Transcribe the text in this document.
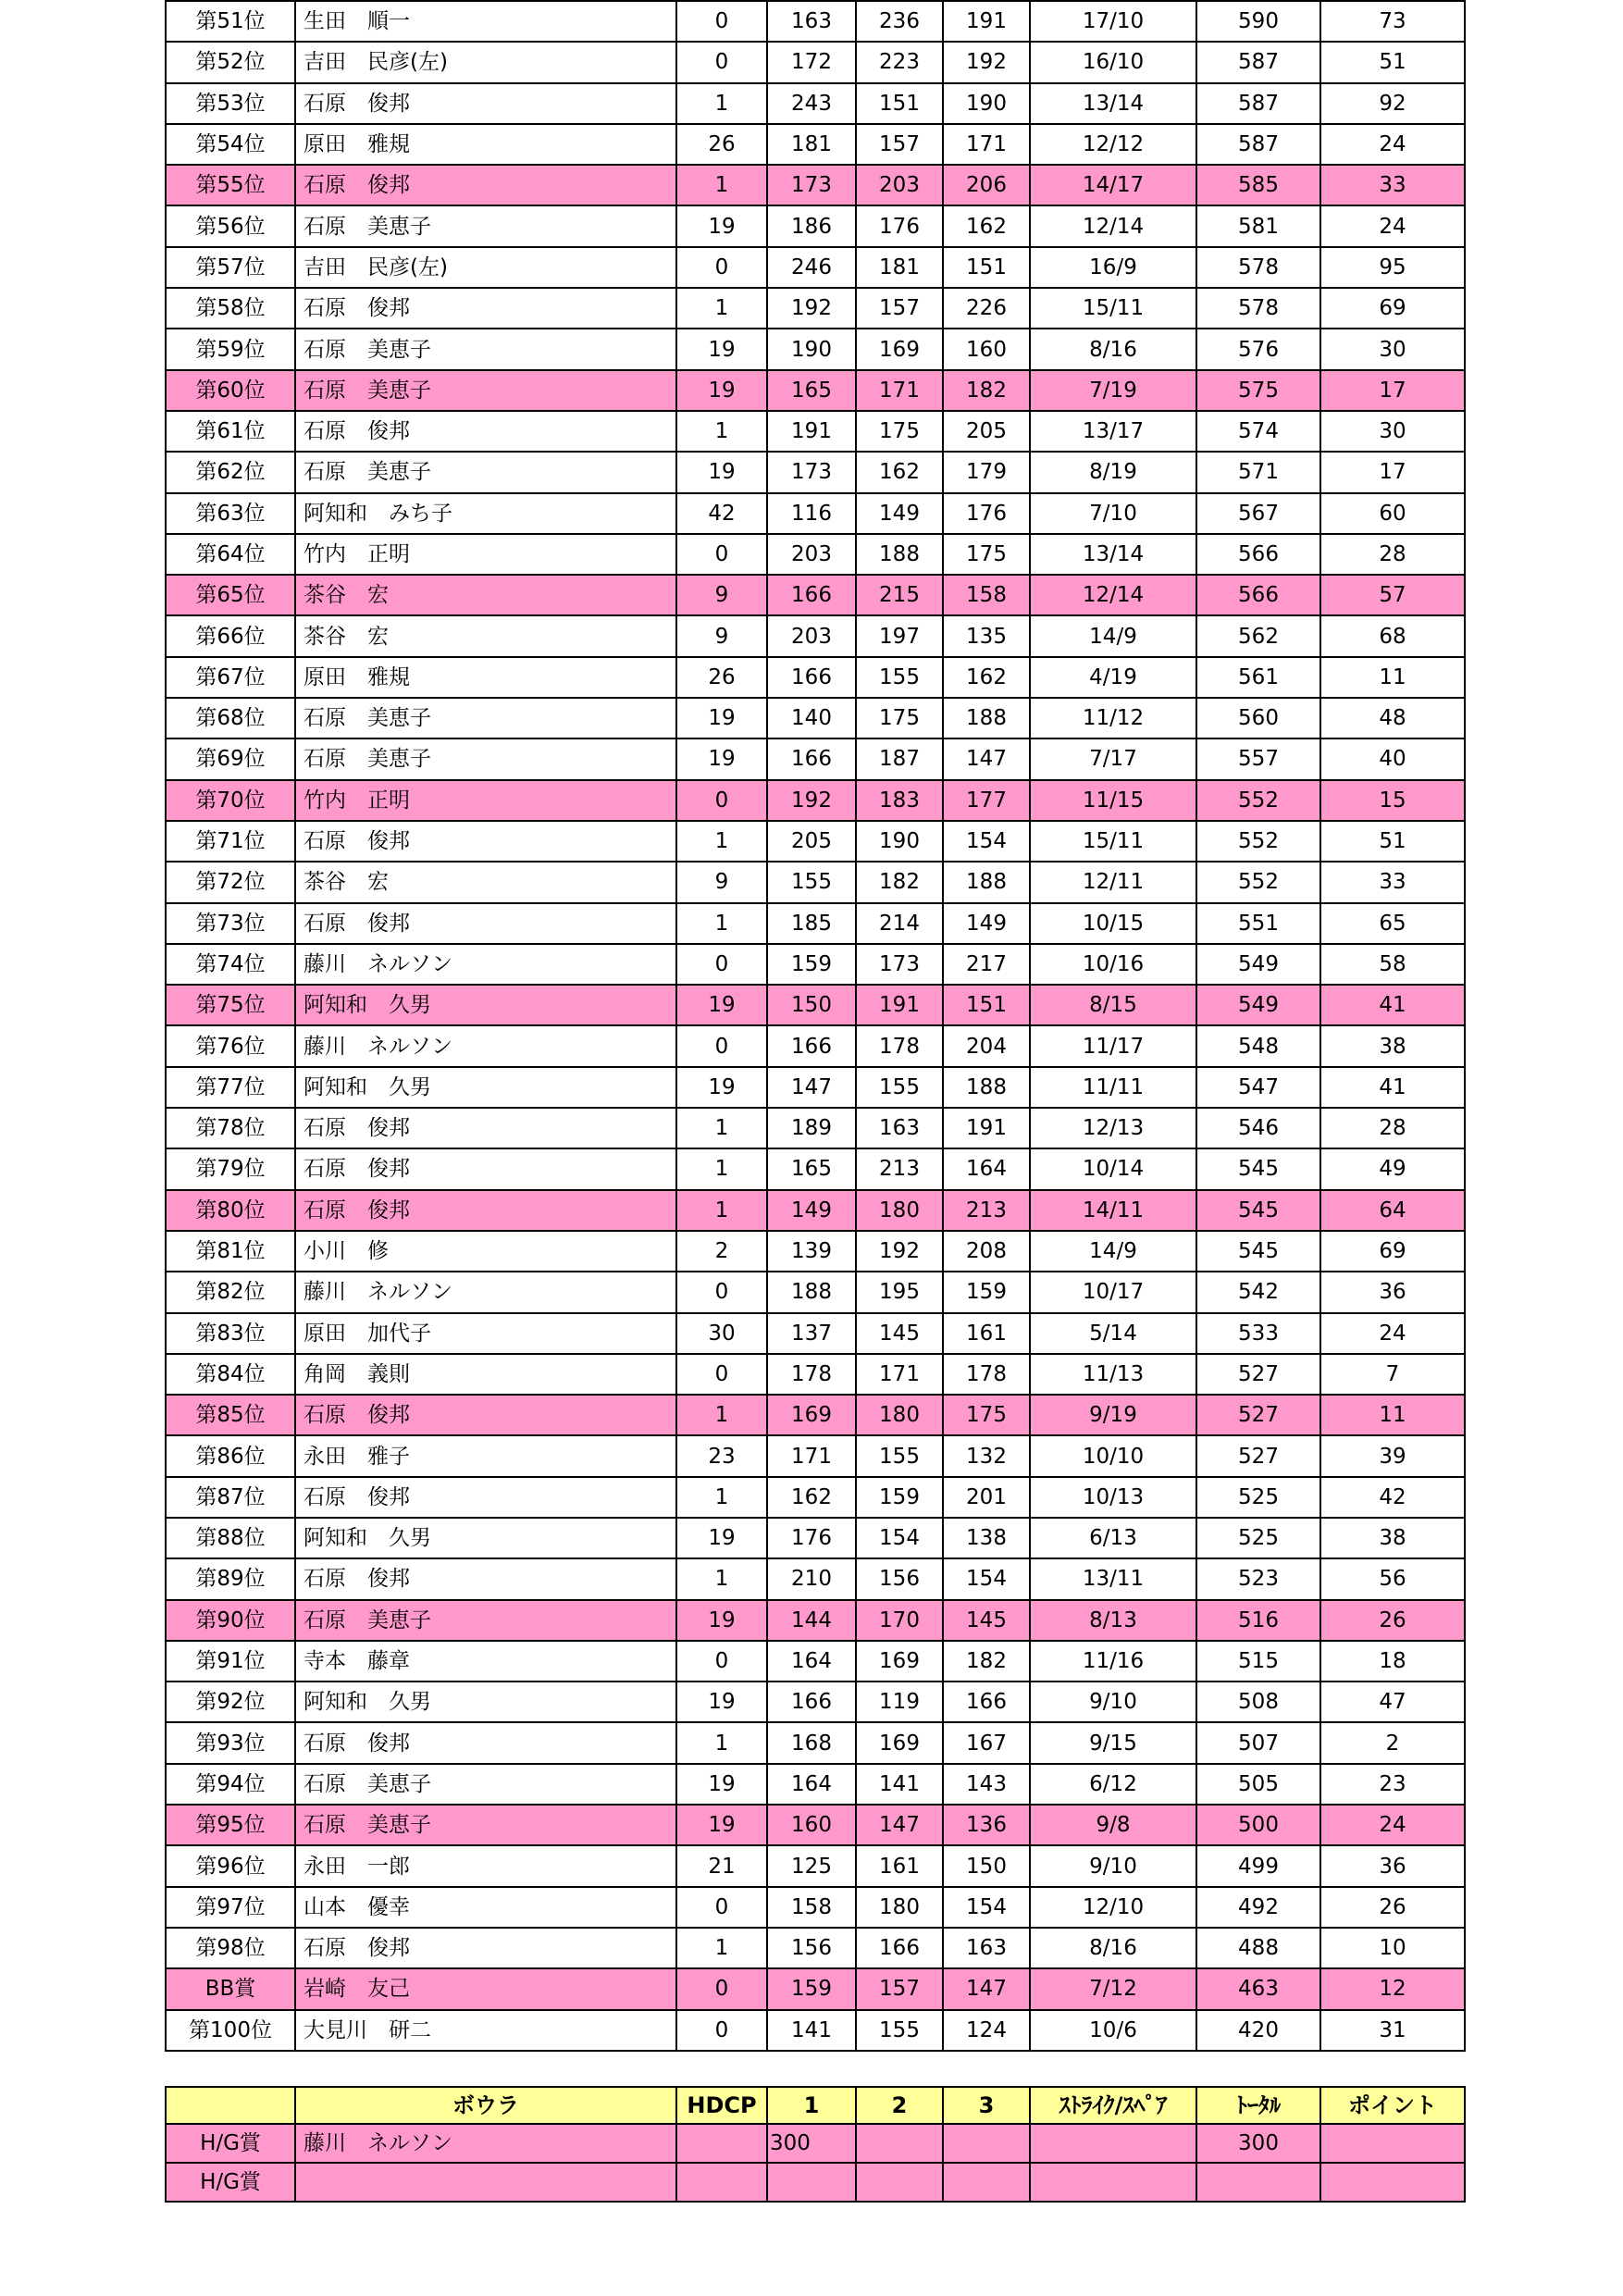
第51位	生田　順一	0	163	236	191	17/10	590	73
第52位	吉田　民彦(左)	0	172	223	192	16/10	587	51
第53位	石原　俊邦	1	243	151	190	13/14	587	92
第54位	原田　雅規	26	181	157	171	12/12	587	24
第55位	石原　俊邦	1	173	203	206	14/17	585	33
第56位	石原　美恵子	19	186	176	162	12/14	581	24
第57位	吉田　民彦(左)	0	246	181	151	16/9	578	95
第58位	石原　俊邦	1	192	157	226	15/11	578	69
第59位	石原　美恵子	19	190	169	160	8/16	576	30
第60位	石原　美恵子	19	165	171	182	7/19	575	17
第61位	石原　俊邦	1	191	175	205	13/17	574	30
第62位	石原　美恵子	19	173	162	179	8/19	571	17
第63位	阿知和　みち子	42	116	149	176	7/10	567	60
第64位	竹内　正明	0	203	188	175	13/14	566	28
第65位	茶谷　宏	9	166	215	158	12/14	566	57
第66位	茶谷　宏	9	203	197	135	14/9	562	68
第67位	原田　雅規	26	166	155	162	4/19	561	11
第68位	石原　美恵子	19	140	175	188	11/12	560	48
第69位	石原　美恵子	19	166	187	147	7/17	557	40
第70位	竹内　正明	0	192	183	177	11/15	552	15
第71位	石原　俊邦	1	205	190	154	15/11	552	51
第72位	茶谷　宏	9	155	182	188	12/11	552	33
第73位	石原　俊邦	1	185	214	149	10/15	551	65
第74位	藤川　ネルソン	0	159	173	217	10/16	549	58
第75位	阿知和　久男	19	150	191	151	8/15	549	41
第76位	藤川　ネルソン	0	166	178	204	11/17	548	38
第77位	阿知和　久男	19	147	155	188	11/11	547	41
第78位	石原　俊邦	1	189	163	191	12/13	546	28
第79位	石原　俊邦	1	165	213	164	10/14	545	49
第80位	石原　俊邦	1	149	180	213	14/11	545	64
第81位	小川　修	2	139	192	208	14/9	545	69
第82位	藤川　ネルソン	0	188	195	159	10/17	542	36
第83位	原田　加代子	30	137	145	161	5/14	533	24
第84位	角岡　義則	0	178	171	178	11/13	527	7
第85位	石原　俊邦	1	169	180	175	9/19	527	11
第86位	永田　雅子	23	171	155	132	10/10	527	39
第87位	石原　俊邦	1	162	159	201	10/13	525	42
第88位	阿知和　久男	19	176	154	138	6/13	525	38
第89位	石原　俊邦	1	210	156	154	13/11	523	56
第90位	石原　美恵子	19	144	170	145	8/13	516	26
第91位	寺本　藤章	0	164	169	182	11/16	515	18
第92位	阿知和　久男	19	166	119	166	9/10	508	47
第93位	石原　俊邦	1	168	169	167	9/15	507	2
第94位	石原　美恵子	19	164	141	143	6/12	505	23
第95位	石原　美恵子	19	160	147	136	9/8	500	24
第96位	永田　一郎	21	125	161	150	9/10	499	36
第97位	山本　優幸	0	158	180	154	12/10	492	26
第98位	石原　俊邦	1	156	166	163	8/16	488	10
BB賞	岩崎　友己	0	159	157	147	7/12	463	12
第100位	大見川　研二	0	141	155	124	10/6	420	31
	ボウラ	HDCP	1	2	3	ｽﾄﾗｲｸ/ｽﾍﾟｱ	ﾄｰﾀﾙ	ポイント
H/G賞	藤川　ネルソン		300				300	
H/G賞								
